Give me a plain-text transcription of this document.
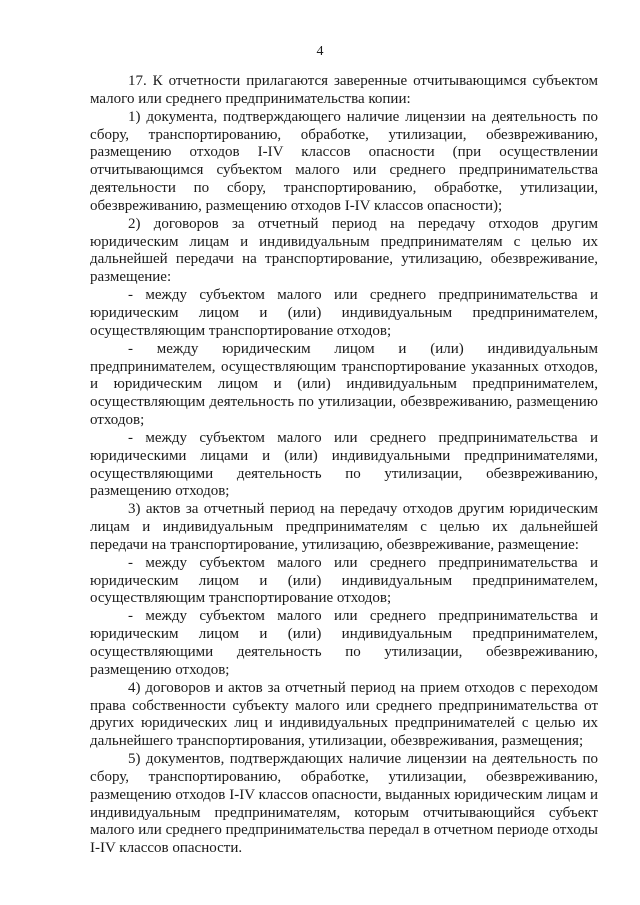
4

17. К отчетности прилагаются заверенные отчитывающимся субъектом малого или среднего предпринимательства копии:

1) документа, подтверждающего наличие лицензии на деятельность по сбору, транспортированию, обработке, утилизации, обезвреживанию, размещению отходов I-IV классов опасности (при осуществлении отчитывающимся субъектом малого или среднего предпринимательства деятельности по сбору, транспортированию, обработке, утилизации, обезвреживанию, размещению отходов I-IV классов опасности);

2) договоров за отчетный период на передачу отходов другим юридическим лицам и индивидуальным предпринимателям с целью их дальнейшей передачи на транспортирование, утилизацию, обезвреживание, размещение:

- между субъектом малого или среднего предпринимательства и юридическим лицом и (или) индивидуальным предпринимателем, осуществляющим транспортирование отходов;

- между юридическим лицом и (или) индивидуальным предпринимателем, осуществляющим транспортирование указанных отходов, и юридическим лицом и (или) индивидуальным предпринимателем, осуществляющим деятельность по утилизации, обезвреживанию, размещению отходов;

- между субъектом малого или среднего предпринимательства и юридическими лицами и (или) индивидуальными предпринимателями, осуществляющими деятельность по утилизации, обезвреживанию, размещению отходов;

3) актов за отчетный период на передачу отходов другим юридическим лицам и индивидуальным предпринимателям с целью их дальнейшей передачи на транспортирование, утилизацию, обезвреживание, размещение:

- между субъектом малого или среднего предпринимательства и юридическим лицом и (или) индивидуальным предпринимателем, осуществляющим транспортирование отходов;

- между субъектом малого или среднего предпринимательства и юридическим лицом и (или) индивидуальным предпринимателем, осуществляющими деятельность по утилизации, обезвреживанию, размещению отходов;

4) договоров и актов за отчетный период на прием отходов с переходом права собственности субъекту малого или среднего предпринимательства от других юридических лиц и индивидуальных предпринимателей с целью их дальнейшего транспортирования, утилизации, обезвреживания, размещения;

5) документов, подтверждающих наличие лицензии на деятельность по сбору, транспортированию, обработке, утилизации, обезвреживанию, размещению отходов I-IV классов опасности, выданных юридическим лицам и индивидуальным предпринимателям, которым отчитывающийся субъект малого или среднего предпринимательства передал в отчетном периоде отходы I-IV классов опасности.
